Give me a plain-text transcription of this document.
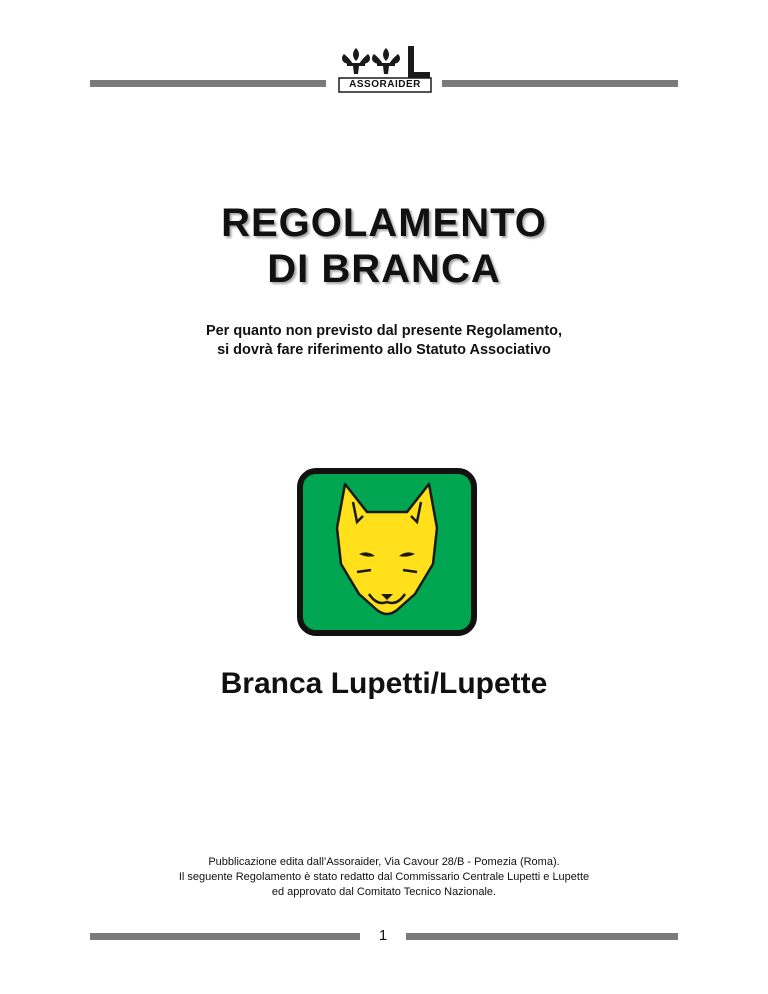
ASSORAIDER
REGOLAMENTO
DI BRANCA
Per quanto non previsto dal presente Regolamento,
si dovrà fare riferimento allo Statuto Associativo
Branca Lupetti/Lupette
Pubblicazione edita dall’Assoraider, Via Cavour 28/B - Pomezia (Roma).
Il seguente Regolamento è stato redatto dal Commissario Centrale Lupetti e Lupette
ed approvato dal Comitato Tecnico Nazionale.
1
